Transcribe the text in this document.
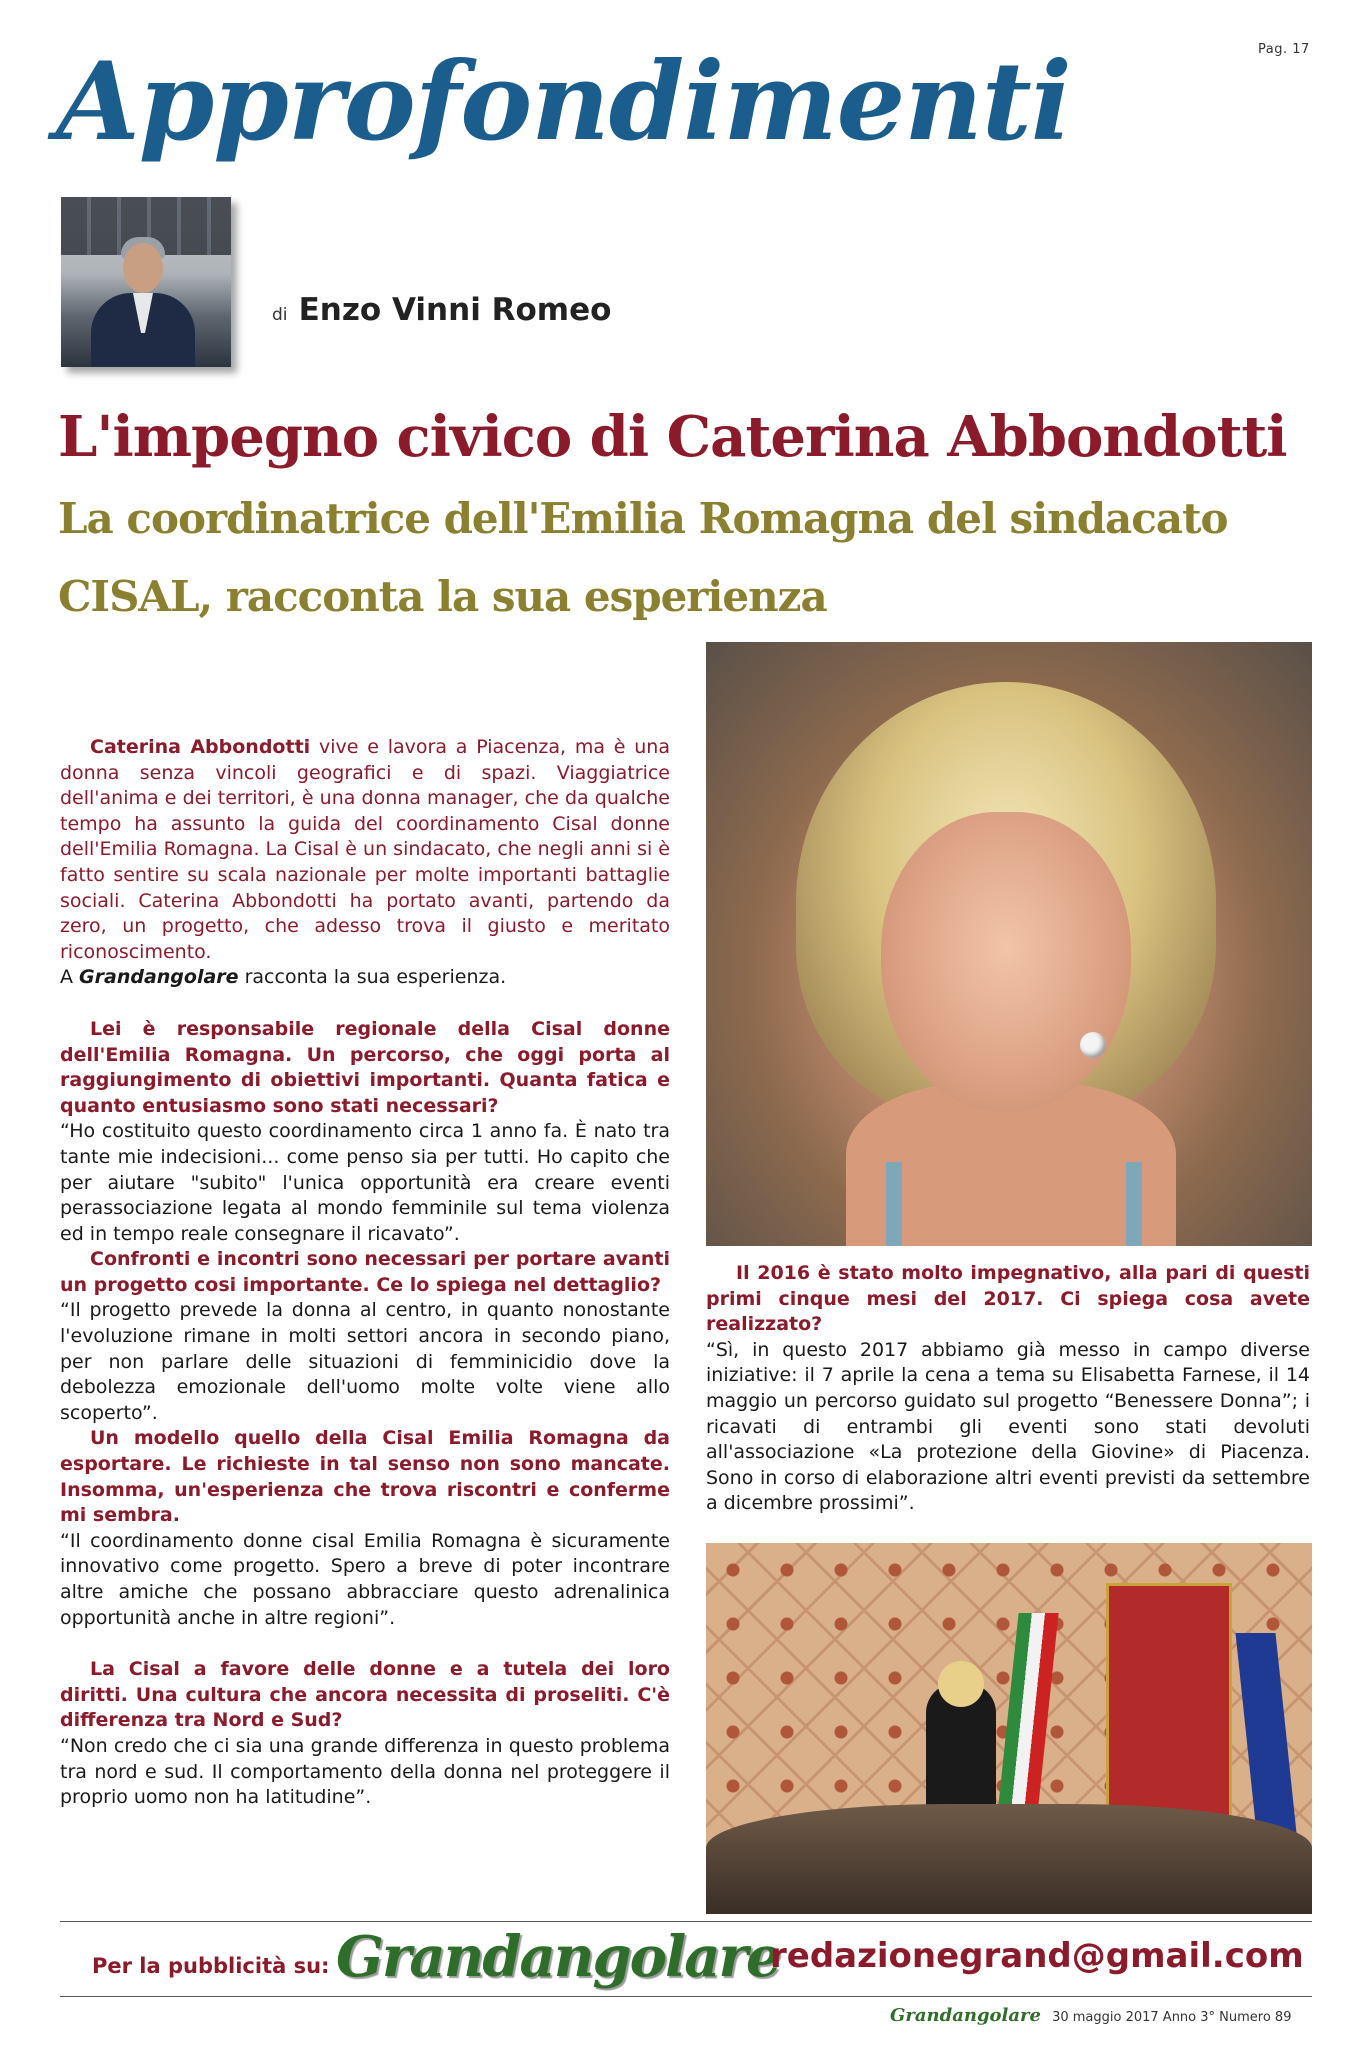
Pag. 17
Approfondimenti
di Enzo Vinni Romeo
L'impegno civico di Caterina Abbondotti
La coordinatrice dell'Emilia Romagna del sindacato CISAL, racconta la sua esperienza

Caterina Abbondotti vive e lavora a Piacenza, ma è una donna senza vincoli geografici e di spazi. Viaggiatrice dell'anima e dei territori, è una donna manager, che da qualche tempo ha assunto la guida del coordinamento Cisal donne dell'Emilia Romagna. La Cisal è un sindacato, che negli anni si è fatto sentire su scala nazionale per molte importanti battaglie sociali. Caterina Abbondotti ha portato avanti, partendo da zero, un progetto, che adesso trova il giusto e meritato riconoscimento.

A Grandangolare racconta la sua esperienza.

Lei è responsabile regionale della Cisal donne dell'Emilia Romagna. Un percorso, che oggi porta al raggiungimento di obiettivi importanti. Quanta fatica e quanto entusiasmo sono stati necessari?

“Ho costituito questo coordinamento circa 1 anno fa. È nato tra tante mie indecisioni... come penso sia per tutti. Ho capito che per aiutare "subito" l'unica opportunità era creare eventi perassociazione legata al mondo femminile sul tema violenza ed in tempo reale consegnare il ricavato”.

Confronti e incontri sono necessari per portare avanti un progetto cosi importante. Ce lo spiega nel dettaglio?

“Il progetto prevede la donna al centro, in quanto nonostante l'evoluzione rimane in molti settori ancora in secondo piano, per non parlare delle situazioni di femminicidio dove la debolezza emozionale dell'uomo molte volte viene allo scoperto”.

Un modello quello della Cisal Emilia Romagna da esportare. Le richieste in tal senso non sono mancate. Insomma, un'esperienza che trova riscontri e conferme mi sembra.

“Il coordinamento donne cisal Emilia Romagna è sicuramente innovativo come progetto. Spero a breve di poter incontrare altre amiche che possano abbracciare questo adrenalinica opportunità anche in altre regioni”.

La Cisal a favore delle donne e a tutela dei loro diritti. Una cultura che ancora necessita di proseliti. C'è differenza tra Nord e Sud?

“Non credo che ci sia una grande differenza in questo problema tra nord e sud. Il comportamento della donna nel proteggere il proprio uomo non ha latitudine”.

Il 2016 è stato molto impegnativo, alla pari di questi primi cinque mesi del 2017. Ci spiega cosa avete realizzato?

“Sì, in questo 2017 abbiamo già messo in campo diverse iniziative: il 7 aprile la cena a tema su Elisabetta Farnese, il 14 maggio un percorso guidato sul progetto “Benessere Donna”; i ricavati di entrambi gli eventi sono stati devoluti all'associazione «La protezione della Giovine» di Piacenza. Sono in corso di elaborazione altri eventi previsti da settembre a dicembre prossimi”.

Per la pubblicità su: Grandangolare
redazionegrand@gmail.com
Grandangolare 30 maggio 2017 Anno 3° Numero 89
